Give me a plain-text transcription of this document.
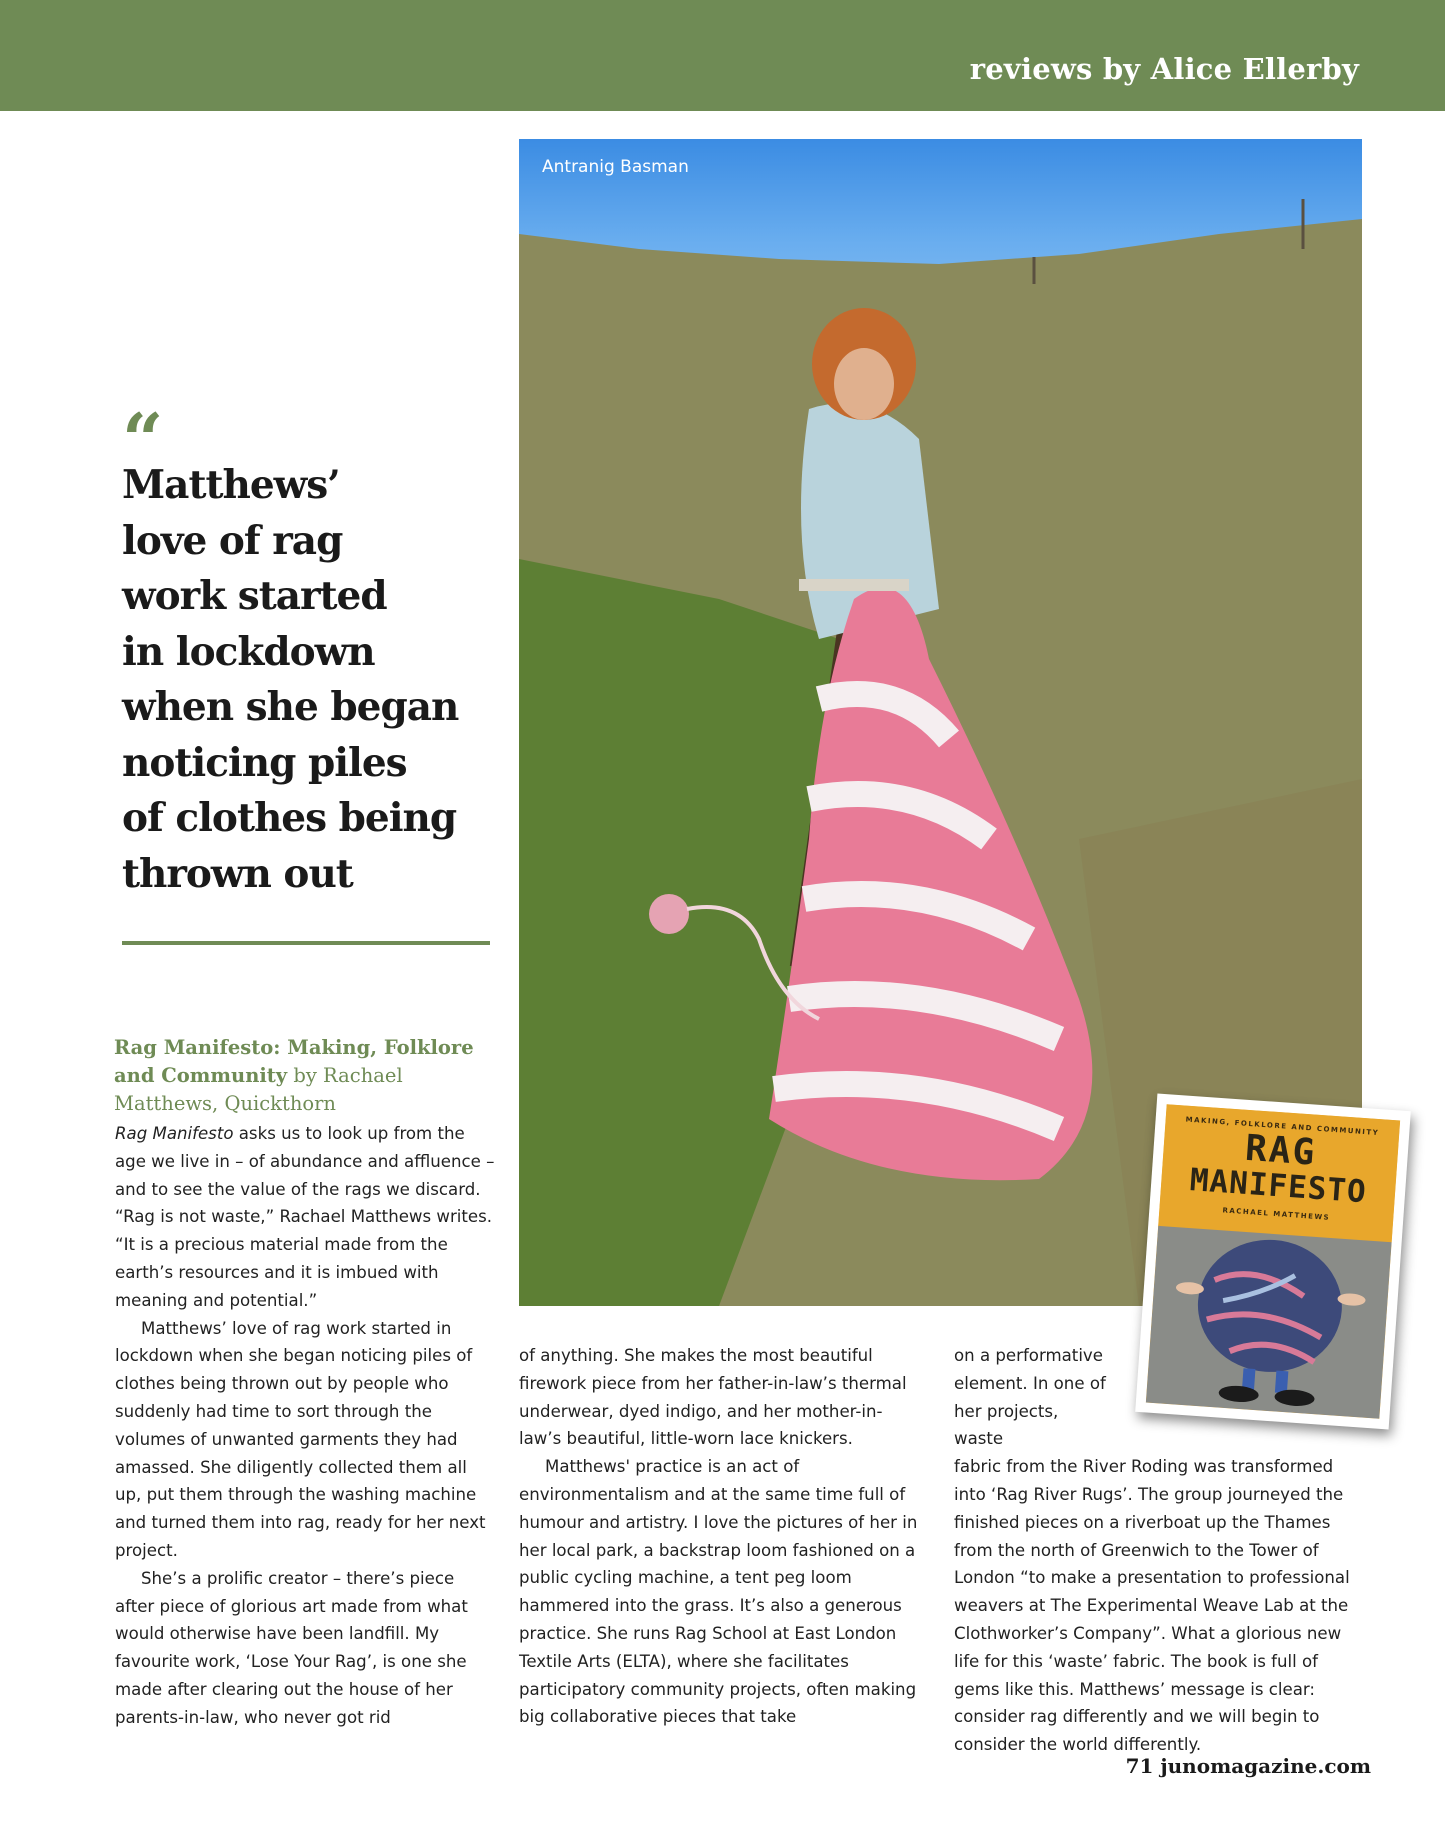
reviews by Alice Ellerby
Antranig Basman
MAKING, FOLKLORE AND COMMUNITY
RAG
MANIFESTO
RACHAEL MATTHEWS
“
Matthews’
love of rag
work started
in lockdown
when she began
noticing piles
of clothes being
thrown out
Rag Manifesto: Making, Folklore and Community by Rachael Matthews, Quickthorn

Rag Manifesto asks us to look up from the age we live in – of abundance and affluence – and to see the value of the rags we discard. “Rag is not waste,” Rachael Matthews writes. “It is a precious material made from the earth’s resources and it is imbued with meaning and potential.”

Matthews’ love of rag work started in lockdown when she began noticing piles of clothes being thrown out by people who suddenly had time to sort through the volumes of unwanted garments they had amassed. She diligently collected them all up, put them through the washing machine and turned them into rag, ready for her next project.

She’s a prolific creator – there’s piece after piece of glorious art made from what would otherwise have been landfill. My favourite work, ‘Lose Your Rag’, is one she made after clearing out the house of her parents-in-law, who never got rid

of anything. She makes the most beautiful firework piece from her father-in-law’s thermal underwear, dyed indigo, and her mother-in-law’s beautiful, little-worn lace knickers.

Matthews' practice is an act of environmentalism and at the same time full of humour and artistry. I love the pictures of her in her local park, a backstrap loom fashioned on a public cycling machine, a tent peg loom hammered into the grass. It’s also a generous practice. She runs Rag School at East London Textile Arts (ELTA), where she facilitates participatory community projects, often making big collaborative pieces that take

on a performative element. In one of her projects, waste

fabric from the River Roding was transformed into ‘Rag River Rugs’. The group journeyed the finished pieces on a riverboat up the Thames from the north of Greenwich to the Tower of London “to make a presentation to professional weavers at The Experimental Weave Lab at the Clothworker’s Company”. What a glorious new life for this ‘waste’ fabric. The book is full of gems like this. Matthews’ message is clear: consider rag differently and we will begin to consider the world differently.

71 junomagazine.com
